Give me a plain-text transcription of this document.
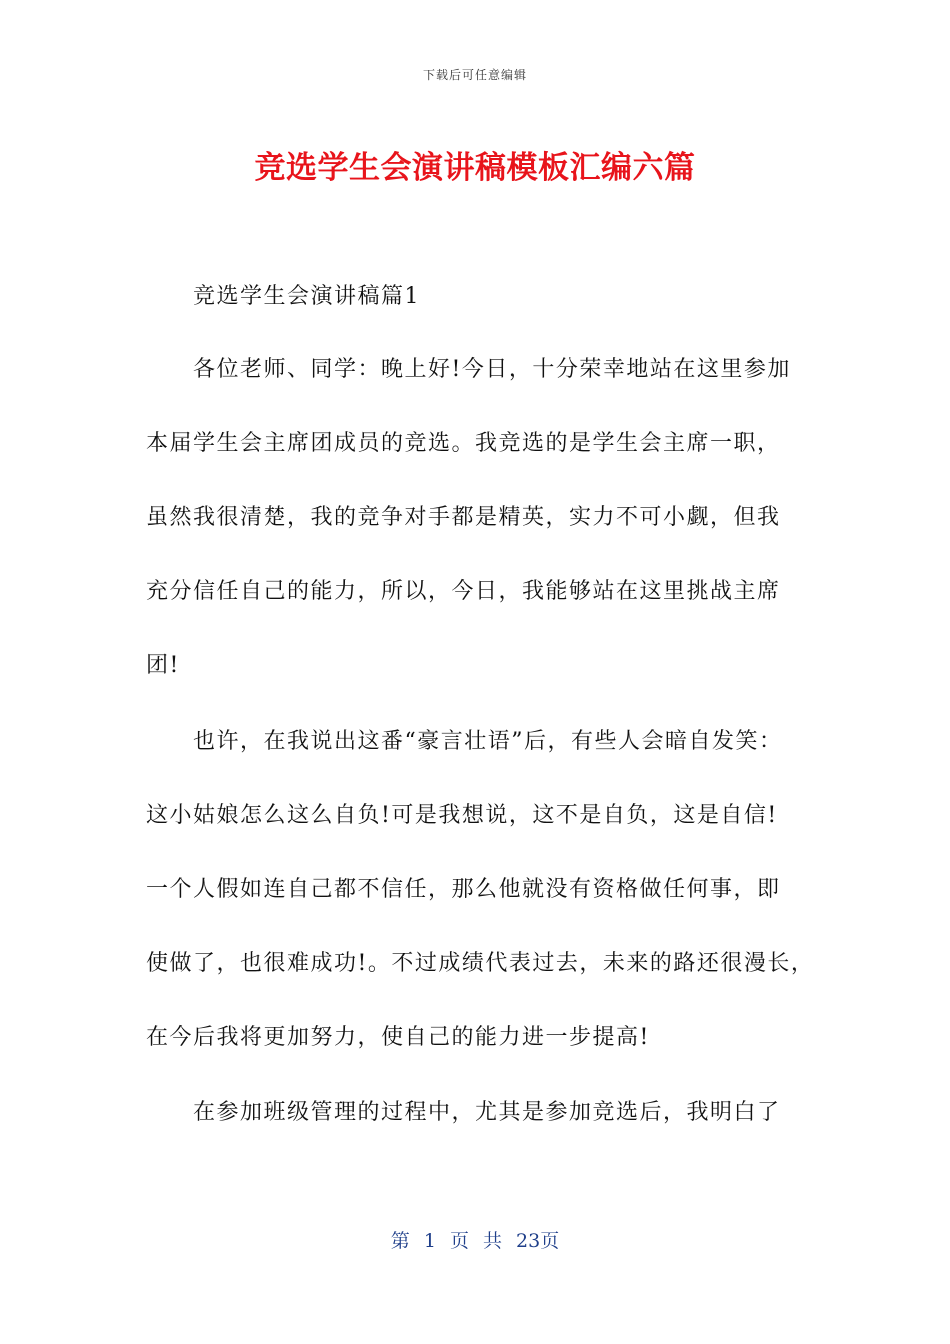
下载后可任意编辑
竞选学生会演讲稿模板汇编六篇
竞选学生会演讲稿篇1
各位老师、同学：晚上好!今日，十分荣幸地站在这里参加
本届学生会主席团成员的竞选。我竞选的是学生会主席一职，
虽然我很清楚，我的竞争对手都是精英，实力不可小觑，但我
充分信任自己的能力，所以，今日，我能够站在这里挑战主席
团!
也许，在我说出这番“豪言壮语”后，有些人会暗自发笑：
这小姑娘怎么这么自负!可是我想说，这不是自负，这是自信!
一个人假如连自己都不信任，那么他就没有资格做任何事，即
使做了，也很难成功!。不过成绩代表过去，未来的路还很漫长，
在今后我将更加努力，使自己的能力进一步提高!
在参加班级管理的过程中，尤其是参加竞选后，我明白了
第 1 页 共 23页
